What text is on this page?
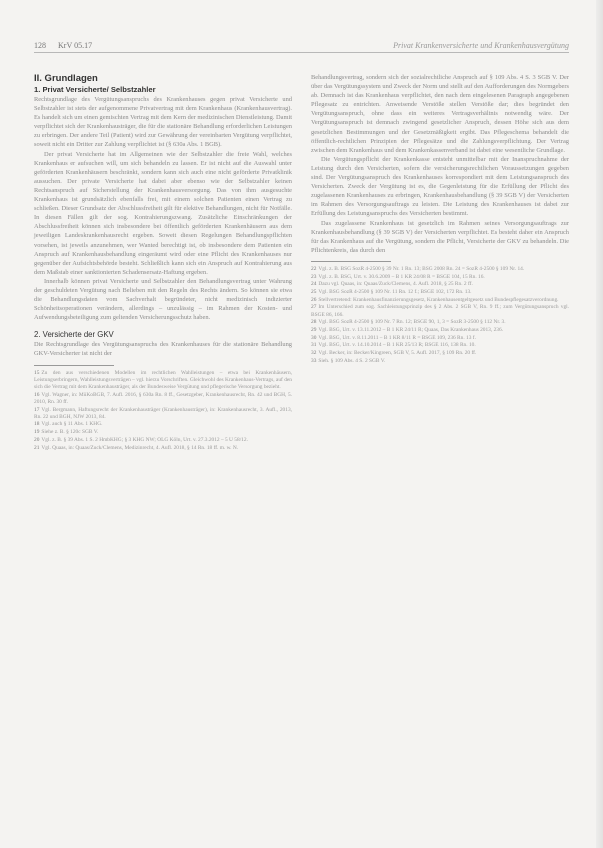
128 KrV 05.17	Privat Krankenversicherte und Krankenhausvergütung
II. Grundlagen
1. Privat Versicherte/ Selbstzahler

Rechtsgrundlage des Vergütungsanspruchs des Krankenhauses gegen privat Versicherte und Selbstzahler ist stets der aufgenommene Privatvertrag mit dem Krankenhaus (Krankenhausvertrag). Es handelt sich um einen gemischten Vertrag mit dem Kern der medizinischen Dienstleistung. Damit verpflichtet sich der Krankenhausträger, die für die stationäre Behandlung erforderlichen Leistungen zu erbringen. Der andere Teil (Patient) wird zur Gewährung der vereinbarten Vergütung verpflichtet, soweit nicht ein Dritter zur Zahlung verpflichtet ist (§ 630a Abs. 1 BGB).

Der privat Versicherte hat im Allgemeinen wie der Selbstzahler die freie Wahl, welches Krankenhaus er aufsuchen will, um sich behandeln zu lassen. Er ist nicht auf die Auswahl unter geförderten Krankenhäusern beschränkt, sondern kann sich auch eine nicht geförderte Privatklinik aussuchen. Der private Versicherte hat dabei aber ebenso wie der Selbstzahler keinen Rechtsanspruch auf Sicherstellung der Krankenhausversorgung. Das von ihm ausgesuchte Krankenhaus ist grundsätzlich ebenfalls frei, mit einem solchen Patienten einen Vertrag zu schließen. Dieser Grundsatz der Abschlussfreiheit gilt für elektive Behandlungen, nicht für Notfälle. In diesen Fällen gilt der sog. Kontrahierungszwang. Zusätzliche Einschränkungen der Abschlussfreiheit können sich insbesondere bei öffentlich geförderten Krankenhäusern aus dem jeweiligen Landeskrankenhausrecht ergeben. Soweit diesen Regelungen Behandlungspflichten vorsehen, ist jeweils anzunehmen, wer Wanted berechtigt ist, ob insbesondere dem Patienten ein Anspruch auf Krankenhausbehandlung eingeräumt wird oder eine Pflicht des Krankenhauses nur gegenüber der Aufsichtsbehörde besteht. Schließlich kann sich ein Anspruch auf Kontrahierung aus dem Maßstab einer sanktionierten Schadensersatz-Haftung ergeben.

Innerhalb können privat Versicherte und Selbstzahler den Behandlungsvertrag unter Wahrung der geschuldeten Vergütung nach Belieben mit den Regeln des Rechts ändern. So können sie etwa die Behandlungsdaten vom Sachverhalt begründeter, nicht medizinisch indizierter Schönheitsoperationen verändern, allerdings – unzulässig – im Rahmen der Kosten- und Aufwendungsbeteiligung zum geltenden Versicherungsschutz haben.

2. Versicherte der GKV

Die Rechtsgrundlage des Vergütungsanspruchs des Krankenhauses für die stationäre Behandlung GKV-Versicherter ist nicht der

15 Zu den aus verschiedenen Modellen im rechtlichen Wahlleistungen – etwa bei Krankenhäusern, Leistungserbringern, Wahlleistungsverträgen – vgl. hierzu Vorschriften. Gleichwohl des Krankenhaus-Vertrags, auf den sich die Vertrag mit dem Krankenhausträger, als der Bundesweise Vergütung und pflegerische Versorgung bezieht.

16 Vgl. Wagner, in: MüKoBGB, 7. Aufl. 2016, § 630a Rn. 8 ff., Gesetzgeber, Krankenhausrecht, Rn. 42 und BGH, 5. 2010, Rn. 30 ff.

17 Vgl. Bergmann, Haftungsrecht der Krankenhausträger (Krankenhausträger), in: Krankenhausrecht, 3. Aufl., 2013, Rn. 22 und BGH, NJW 2013, 84.

18 Vgl. auch § 11 Abs. 1 KHG.

19 Siehe z. B. § 120c SGB V.

20 Vgl. z. B. § 39 Abs. 1 S. 2 HmbKHG; § 3 KHG NW; OLG Köln, Urt. v. 27.3.2012 – 5 U 58/12.

21 Vgl. Quaas, in: Quaas/Zuck/Clemens, Medizinrecht, 4. Aufl. 2018, § 14 Rn. 18 ff. m. w. N.

Behandlungsvertrag, sondern sich der sozialrechtliche Anspruch auf § 109 Abs. 4 S. 3 SGB V. Der über das Vergütungssystem und Zweck der Norm und stellt auf den Aufforderungen des Normgebers ab. Demnach ist das Krankenhaus verpflichtet, den nach dem eingelesenen Paragraph angegebenen Pflegesatz zu entrichten. Anweisende Verstöße stellen Verstöße dar; dies begründet den Vergütungsanspruch, ohne dass ein weiteres Vertragsverhältnis notwendig wäre. Der Vergütungsanspruch ist demnach zwingend gesetzlicher Anspruch, dessen Höhe sich aus dem gesetzlichen Bestimmungen und der Gesetzmäßigkeit ergibt. Das Pflegeschema behandelt die öffentlich-rechtlichen Prinzipien der Pflegesätze und die Zahlungsverpflichtung. Der Vertrag zwischen dem Krankenhaus und dem Krankenkassenverband ist dabei eine wesentliche Grundlage.

Die Vergütungspflicht der Krankenkasse entsteht unmittelbar mit der Inanspruchnahme der Leistung durch den Versicherten, sofern die versicherungsrechtlichen Voraussetzungen gegeben sind. Der Vergütungsanspruch des Krankenhauses korrespondiert mit dem Leistungsanspruch des Versicherten. Zweck der Vergütung ist es, die Gegenleistung für die Erfüllung der Pflicht des zugelassenen Krankenhauses zu erbringen, Krankenhausbehandlung (§ 39 SGB V) der Versicherten im Rahmen des Versorgungsauftrags zu leisten. Die Leistung des Krankenhauses ist dabei zur Erfüllung des Leistungsanspruchs des Versicherten bestimmt.

Das zugelassene Krankenhaus ist gesetzlich im Rahmen seines Versorgungsauftrags zur Krankenhausbehandlung (§ 39 SGB V) der Versicherten verpflichtet. Es besteht daher ein Anspruch für das Krankenhaus auf die Vergütung, sondern die Pflicht, Versicherte der GKV zu behandeln. Die Pflichtenkreis, das durch den

22 Vgl. z. B. BSG SozR 4-2500 § 39 Nr. 1 Rn. 13; BSG 2008 Rn. 24 = SozR 4-2500 § 109 Nr. 14.

23 Vgl. z. B. BSG, Urt. v. 30.6.2009 – B 1 KR 24/08 R = BSGE 104, 15 Rn. 16.

24 Dazu vgl. Quaas, in: Quaas/Zuck/Clemens, 4. Aufl. 2018, § 25 Rn. 2 ff.

25 Vgl. BSG SozR 4-2500 § 109 Nr. 11 Rn. 12 f.; BSGE 102, 172 Rn. 13.

26 Stellvertretend: Krankenhausfinanzierungsgesetz, Krankenhausentgeltgesetz und Bundespflegesatzverordnung.

27 Im Unterschied zum sog. Sachleistungsprinzip des § 2 Abs. 2 SGB V, Rn. 9 ff.; zum Vergütungsanspruch vgl. BSGE 86, 166.

28 Vgl. BSG SozR 4-2500 § 109 Nr. 7 Rn. 12; BSGE 90, 1, 3 = SozR 3-2500 § 112 Nr. 3.

29 Vgl. BSG, Urt. v. 13.11.2012 – B 1 KR 24/11 R; Quaas, Das Krankenhaus 2013, 236.

30 Vgl. BSG, Urt. v. 8.11.2011 – B 1 KR 8/11 R = BSGE 109, 236 Rn. 13 f.

31 Vgl. BSG, Urt. v. 14.10.2014 – B 1 KR 25/13 R; BSGE 116, 138 Rn. 10.

32 Vgl. Becker, in: Becker/Kingreen, SGB V, 5. Aufl. 2017, § 109 Rn. 20 ff.

33 Sieh. § 109 Abs. 4 S. 2 SGB V.
